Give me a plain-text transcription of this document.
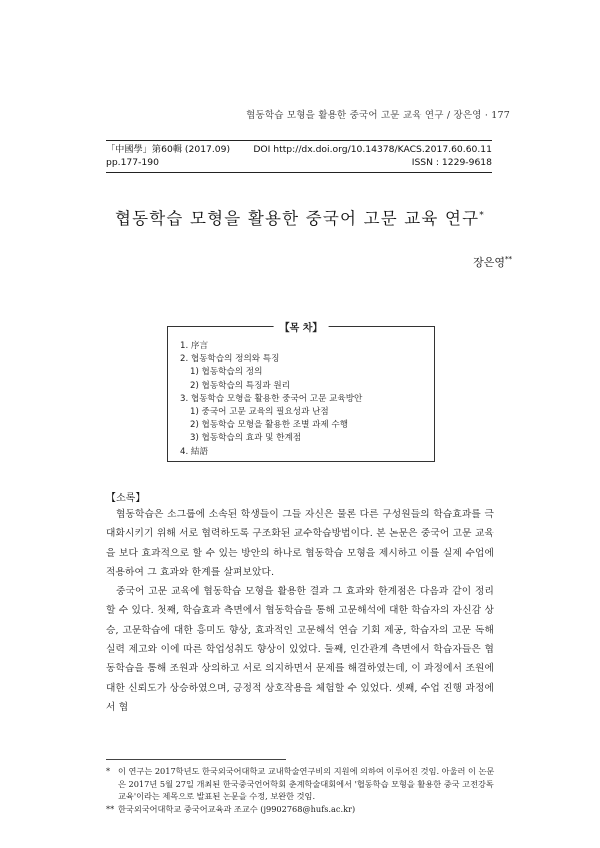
협동학습 모형을 활용한 중국어 고문 교육 연구 / 장은영 · 177
「中國學」第60輯 (2017.09)	DOI http://dx.doi.org/10.14378/KACS.2017.60.60.11
pp.177-190	ISSN : 1229-9618
협동학습 모형을 활용한 중국어 고문 교육 연구*
장은영**
【목 차】
1. 序言
2. 협동학습의 정의와 특징
1) 협동학습의 정의
2) 협동학습의 특징과 원리
3. 협동학습 모형을 활용한 중국어 고문 교육방안
1) 중국어 고문 교육의 필요성과 난점
2) 협동학습 모형을 활용한 조별 과제 수행
3) 협동학습의 효과 및 한계점
4. 結語
【소록】

협동학습은 소그룹에 소속된 학생들이 그들 자신은 물론 다른 구성원들의 학습효과를 극대화시키기 위해 서로 협력하도록 구조화된 교수학습방법이다. 본 논문은 중국어 고문 교육을 보다 효과적으로 할 수 있는 방안의 하나로 협동학습 모형을 제시하고 이를 실제 수업에 적용하여 그 효과와 한계를 살펴보았다.

중국어 고문 교육에 협동학습 모형을 활용한 결과 그 효과와 한계점은 다음과 같이 정리할 수 있다. 첫째, 학습효과 측면에서 협동학습을 통해 고문해석에 대한 학습자의 자신감 상승, 고문학습에 대한 흥미도 향상, 효과적인 고문해석 연습 기회 제공, 학습자의 고문 독해실력 제고와 이에 따른 학업성취도 향상이 있었다. 둘째, 인간관계 측면에서 학습자들은 협동학습을 통해 조원과 상의하고 서로 의지하면서 문제를 해결하였는데, 이 과정에서 조원에 대한 신뢰도가 상승하였으며, 긍정적 상호작용을 체험할 수 있었다. 셋째, 수업 진행 과정에서 협

* 이 연구는 2017학년도 한국외국어대학교 교내학술연구비의 지원에 의하여 이루어진 것임. 아울러 이 논문은 2017년 5월 27일 개최된 한국중국언어학회 춘계학술대회에서 '협동학습 모형을 활용한 중국 고전강독 교육'이라는 제목으로 발표된 논문을 수정, 보완한 것임.
** 한국외국어대학교 중국어교육과 조교수 (j9902768@hufs.ac.kr)
